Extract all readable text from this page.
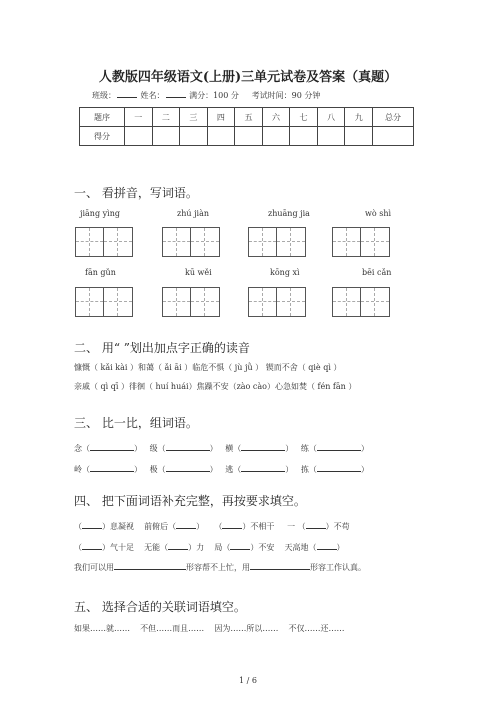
人教版四年级语文(上册)三单元试卷及答案（真题）
班级：	姓名：	满分：100 分 考试时间：90 分钟
题序	一	二	三	四	五	六	七	八	九	总分
得分										
一、 看拼音，写词语。
jiāng yìng	zhú jiàn	zhuāng jia	wò shì
fān gǔn	kū wěi	kōng xì	bēi cǎn
二、 用“ ”划出加点字正确的读音
慷慨（ kǎi kài ）和蔼（ ǎi āi ）临危不惧（ jù jǜ ） 锲而不舍（ qiè qì ）
亲戚（ qì qī ）徘徊（ huí huái）焦躁不安（zào cào）心急如焚（ fén fān ）
三、 比一比，组词语。
念（	）   级（	）   横（	）   练（	）
岭（	）   极（	）   逃（	）   拣（	）
四、 把下面词语补充完整，再按要求填空。
（	）息凝视 前俯后（	） （	）不相干 一 （	）不苟
（	）气十足 无能（	）力 局（	）不安 天高地（	）
我们可以用	形容帮不上忙，用	形容工作认真。
五、 选择合适的关联词语填空。
如果……就……    不但……而且……    因为……所以……    不仅……还……
1 / 6
